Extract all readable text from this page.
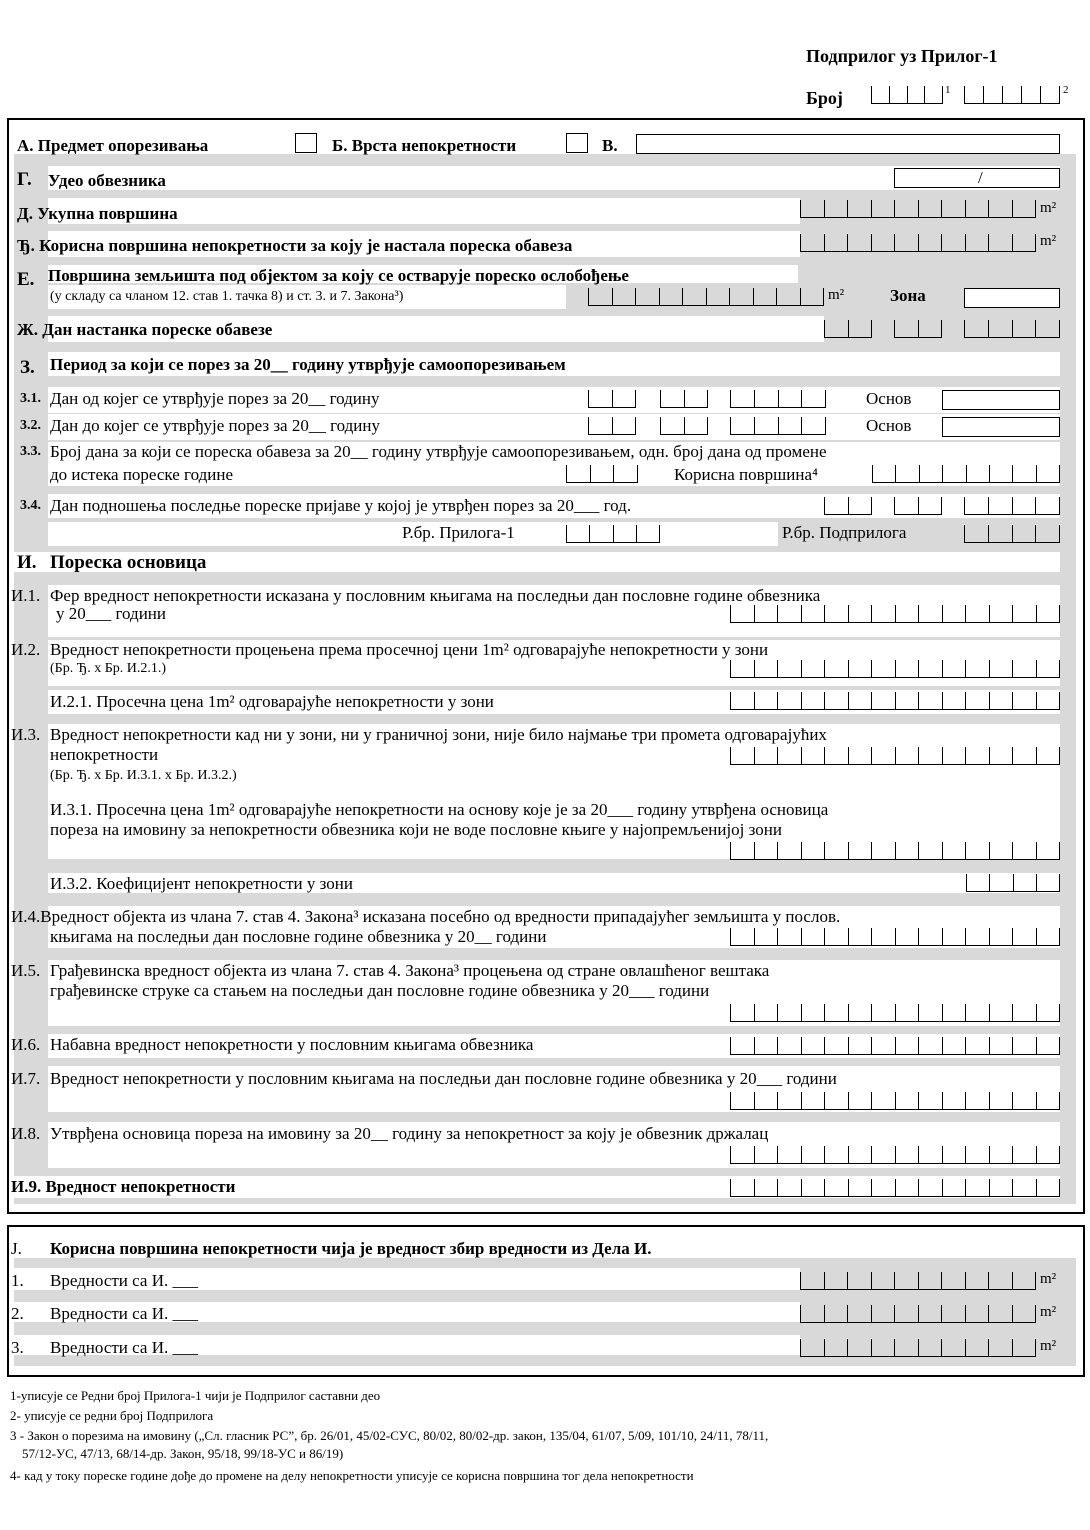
Подприлог уз Прилог-1
Број	1	2
А. Предмет опорезивања	Б. Врста непокретности	В.
Г. Удео обвезника	/
Д. Укупна површина	m²
Ђ. Корисна површина непокретности за коју је настала пореска обавеза	m²
Е. Површина земљишта под објектом за коју се остварује пореско ослобођење
(у складу са чланом 12. став 1. тачка 8) и ст. 3. и 7. Закона³)	m²	Зона
Ж. Дан настанка пореске обавезе
З. Период за који се порез за 20__ годину утврђује самоопорезивањем
3.1. Дан од којег се утврђује порез за 20__ годину	Основ
3.2. Дан до којег се утврђује порез за 20__ годину	Основ
3.3. Број дана за који се пореска обавеза за 20__ годину утврђује самоопорезивањем, одн. број дана од промене
до истека пореске године	Корисна површина⁴
3.4. Дан подношења последње пореске пријаве у којој је утврђен порез за 20___ год.
Р.бр. Прилога-1	Р.бр. Подприлога
И. Пореска основица
И.1. Фер вредност непокретности исказана у пословним књигама на последњи дан пословне године обвезника
у 20___ години
И.2. Вредност непокретности процењена према просечној цени 1m² одговарајуће непокретности у зони
(Бр. Ђ. х Бр. И.2.1.)
И.2.1. Просечна цена 1m² одговарајуће непокретности у зони
И.3. Вредност непокретности кад ни у зони, ни у граничној зони, није било најмање три промета одговарајућих
непокретности
(Бр. Ђ. х Бр. И.3.1. х Бр. И.3.2.)
И.3.1. Просечна цена 1m² одговарајуће непокретности на основу које је за 20___ годину утврђена основица
пореза на имовину за непокретности обвезника који не воде пословне књиге у најопремљенијој зони
И.3.2. Коефицијент непокретности у зони
И.4.Вредност објекта из члана 7. став 4. Закона³ исказана посебно од вредности припадајућег земљишта у послов.
књигама на последњи дан пословне године обвезника у 20__ години
И.5. Грађевинска вредност објекта из члана 7. став 4. Закона³ процењена од стране овлашћеног вештака
грађевинске струке са стањем на последњи дан пословне године обвезника у 20___ години
И.6. Набавна вредност непокретности у пословним књигама обвезника
И.7. Вредност непокретности у пословним књигама на последњи дан пословне године обвезника у 20___ години
И.8. Утврђена основица пореза на имовину за 20__ годину за непокретност за коју је обвезник држалац
И.9. Вредност непокретности
Ј. Корисна површина непокретности чија је вредност збир вредности из Дела И.
1. Вредности са И. ___	m²
2. Вредности са И. ___	m²
3. Вредности са И. ___	m²
1-уписује се Редни број Прилога-1 чији је Подприлог саставни део
2- уписује се редни број Подприлога
3 - Закон о порезима на имовину („Сл. гласник РС”, бр. 26/01, 45/02-СУС, 80/02, 80/02-др. закон, 135/04, 61/07, 5/09, 101/10, 24/11, 78/11,
57/12-УС, 47/13, 68/14-др. Закон, 95/18, 99/18-УС и 86/19)
4- кад у току пореске године дође до промене на делу непокретности уписује се корисна површина тог дела непокретности
